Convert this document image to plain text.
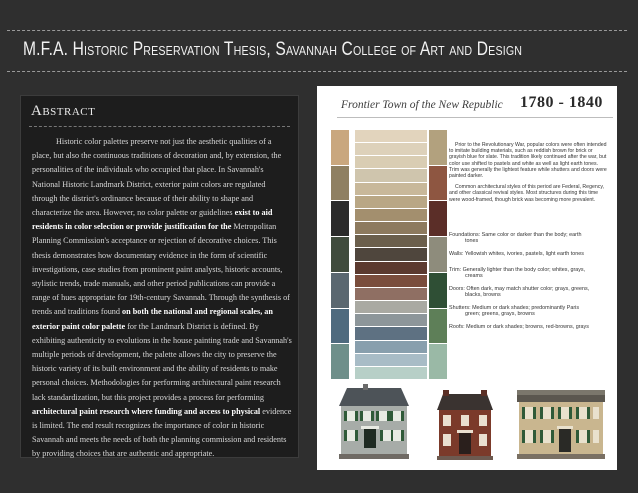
M.F.A. Historic Preservation Thesis, Savannah College of Art and Design
Abstract
Historic color palettes preserve not just the aesthetic qualities of a place, but also the continuous traditions of decoration and, by extension, the personalities of the individuals who occupied that place. In Savannah's National Historic Landmark District, exterior paint colors are regulated through the district's ordinance because of their ability to shape and characterize the area. However, no color palette or guidelines exist to aid residents in color selection or provide justification for the Metropolitan Planning Commission's acceptance or rejection of decorative choices. This thesis demonstrates how documentary evidence in the form of scientific investigations, case studies from prominent paint analysts, historic accounts, stylistic trends, trade manuals, and other period publications can provide a range of hues appropriate for 19th-century Savannah. Through the synthesis of trends and traditions found on both the national and regional scales, an exterior paint color palette for the Landmark District is defined. By exhibiting authenticity to evolutions in the house painting trade and Savannah's multiple periods of development, the palette allows the city to preserve the historic variety of its built environment and the ability of residents to make personal choices. Methodologies for performing architectural paint research lack standardization, but this project provides a process for performing architectural paint research where funding and access to physical evidence is limited. The end result recognizes the importance of color in historic Savannah and meets the needs of both the planning commission and residents by providing choices that are authentic and appropriate.
Frontier Town of the New Republic 1780 - 1840

Prior to the Revolutionary War, popular colors were often intended to imitate building materials, such as reddish brown for brick or grayish blue for slate. This tradition likely continued after the war, but color use shifted to pastels and white as well as light earth tones. Trim was generally the lightest feature while shutters and doors were painted darker.

Common architectural styles of this period are Federal, Regency, and other classical revival styles. Most structures during this time were wood-framed, though brick was becoming more prevalent.

Foundations: Same color or darker than the body; earth
tones
Walls: Yellowish whites, ivories, pastels, light earth tones
Trim: Generally lighter than the body color; whites, grays,
creams
Doors: Often dark, may match shutter color; grays, greens,
blacks, browns
Shutters: Medium or dark shades; predominantly Paris
green; greens, grays, browns
Roofs: Medium or dark shades; browns, red-browns, grays
